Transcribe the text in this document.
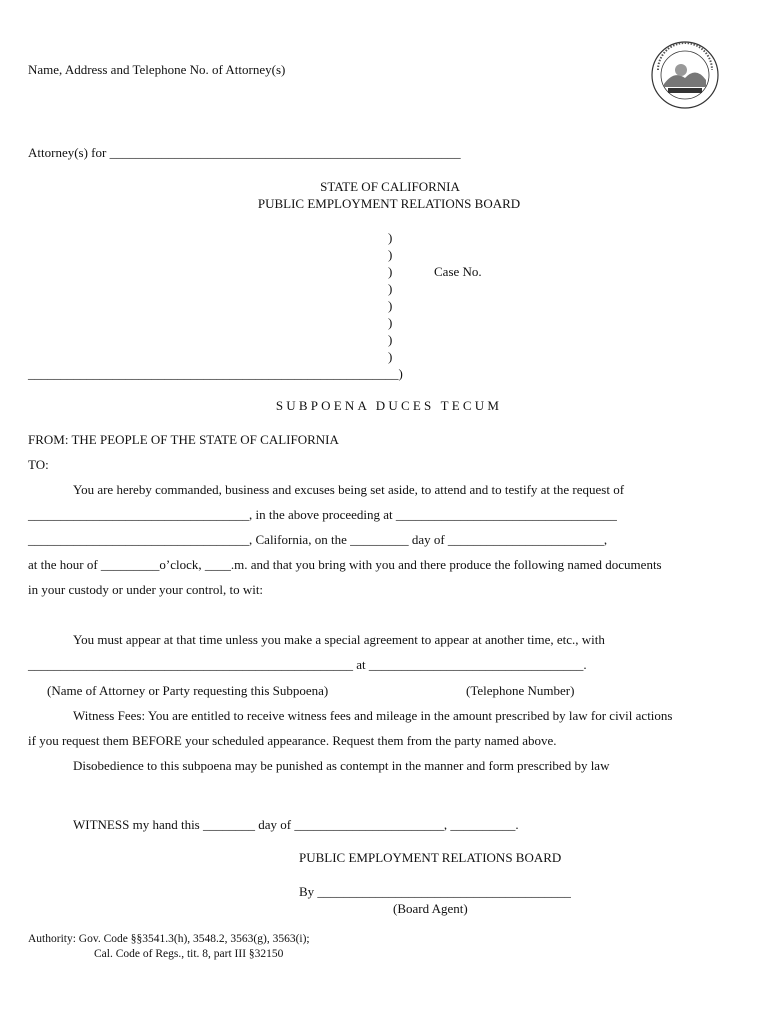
Name, Address and Telephone No. of Attorney(s)
Attorney(s) for ______________________________________________________
STATE OF CALIFORNIA
PUBLIC EMPLOYMENT RELATIONS BOARD
)
)
)
)
)
)
)
)
_________________________________________________________)
Case No.
SUBPOENA DUCES TECUM
FROM: THE PEOPLE OF THE STATE OF CALIFORNIA
TO:
You are hereby commanded, business and excuses being set aside, to attend and to testify at the request of
__________________________________, in the above proceeding at __________________________________
__________________________________, California, on the _________ day of ________________________,
at the hour of _________o’clock, ____.m. and that you bring with you and there produce the following named documents
in your custody or under your control, to wit:
You must appear at that time unless you make a special agreement to appear at another time, etc., with
__________________________________________________ at _________________________________.
(Name of Attorney or Party requesting this Subpoena)	(Telephone Number)
Witness Fees: You are entitled to receive witness fees and mileage in the amount prescribed by law for civil actions
if you request them BEFORE your scheduled appearance. Request them from the party named above.
Disobedience to this subpoena may be punished as contempt in the manner and form prescribed by law
WITNESS my hand this ________ day of _______________________, __________.
PUBLIC EMPLOYMENT RELATIONS BOARD
By _______________________________________
(Board Agent)
Authority: Gov. Code §§3541.3(h), 3548.2, 3563(g), 3563(i);
Cal. Code of Regs., tit. 8, part III §32150
